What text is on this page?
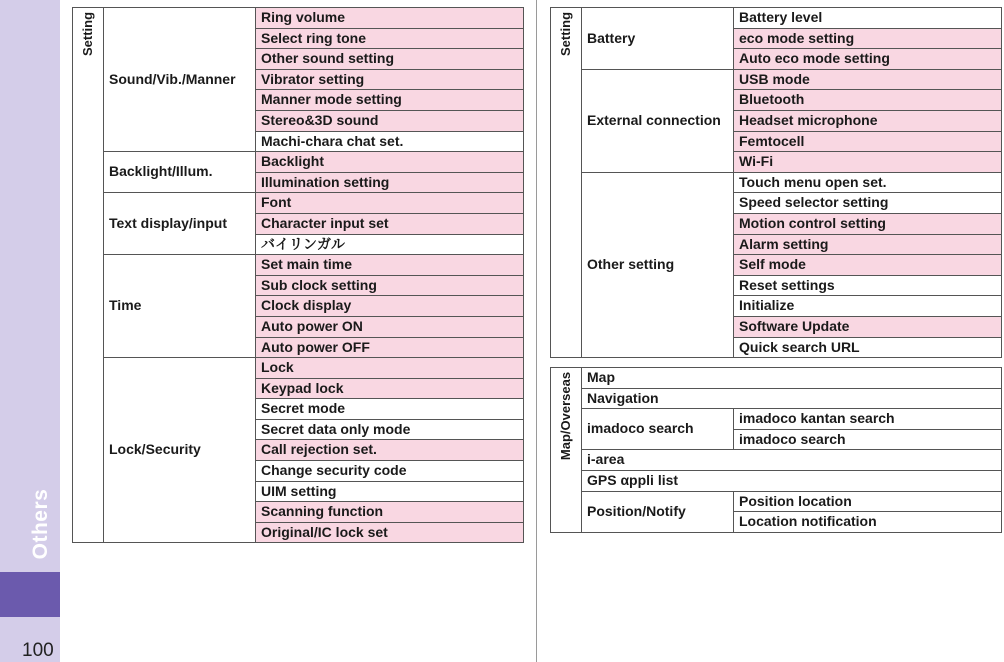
Others
100
Setting	Sound/Vib./Manner	Ring volume
		Select ring tone
		Other sound setting
		Vibrator setting
		Manner mode setting
		Stereo&3D sound
		Machi-chara chat set.
	Backlight/Illum.	Backlight
		Illumination setting
	Text display/input	Font
		Character input set
		バイリンガル
	Time	Set main time
		Sub clock setting
		Clock display
		Auto power ON
		Auto power OFF
	Lock/Security	Lock
		Keypad lock
		Secret mode
		Secret data only mode
		Call rejection set.
		Change security code
		UIM setting
		Scanning function
		Original/IC lock set
Setting	Battery	Battery level
		eco mode setting
		Auto eco mode setting
	External connection	USB mode
		Bluetooth
		Headset microphone
		Femtocell
		Wi-Fi
	Other setting	Touch menu open set.
		Speed selector setting
		Motion control setting
		Alarm setting
		Self mode
		Reset settings
		Initialize
		Software Update
		Quick search URL
Map/Overseas	Map	
	Navigation	
	imadoco search	imadoco kantan search
		imadoco search
	i-area	
	GPS αppli list	
	Position/Notify	Position location
		Location notification
